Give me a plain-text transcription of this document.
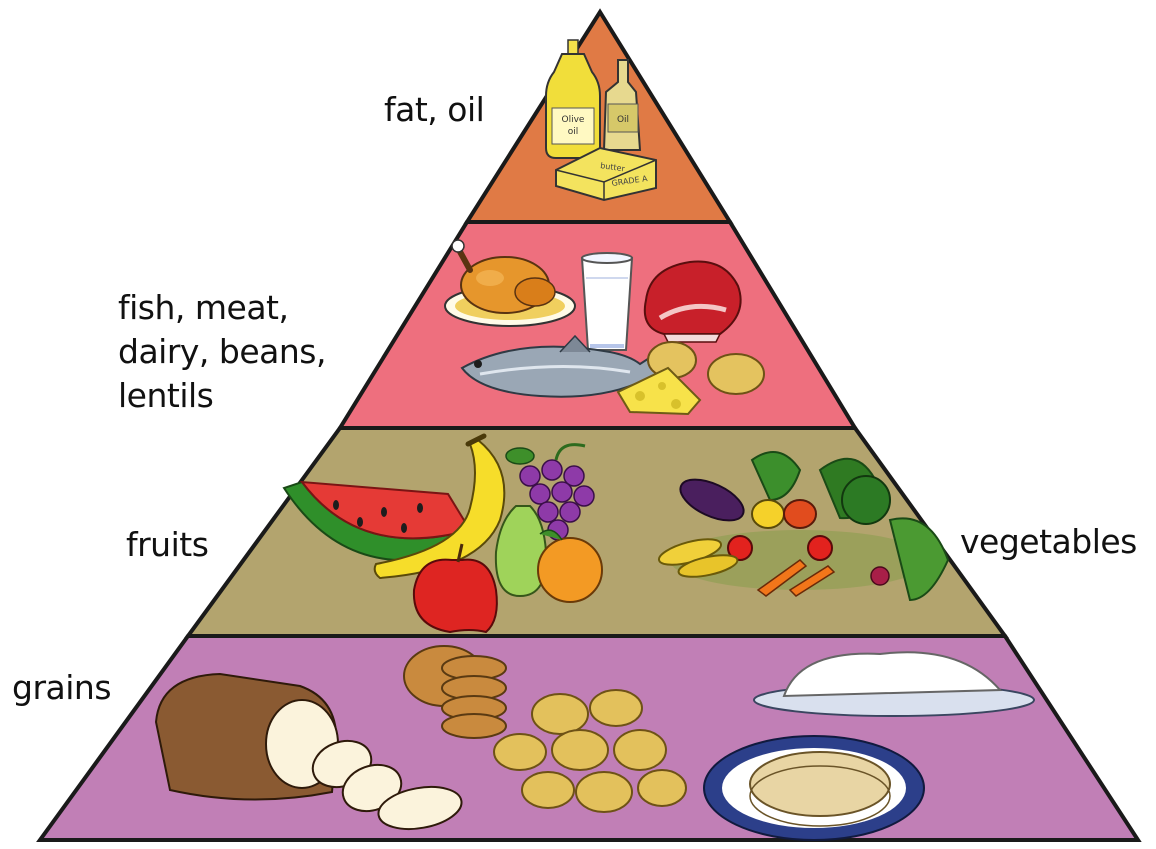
Olive
oil
Oil
butter
GRADE A
fat, oil
fish, meat,
dairy, beans,
lentils
fruits	vegetables
grains
